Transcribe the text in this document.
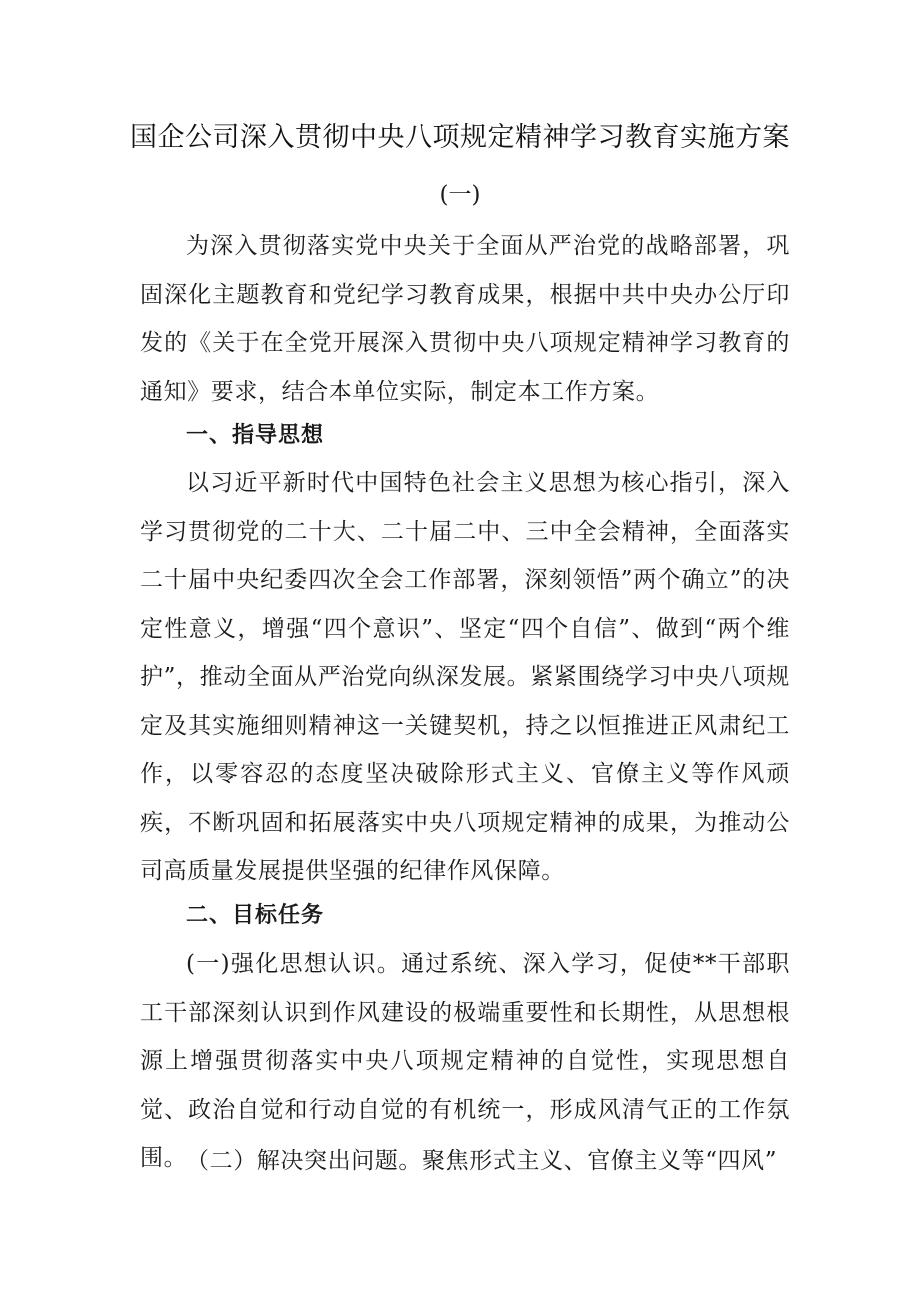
国企公司深入贯彻中央八项规定精神学习教育实施方案
(一)

为深入贯彻落实党中央关于全面从严治党的战略部署，巩固深化主题教育和党纪学习教育成果，根据中共中央办公厅印发的《关于在全党开展深入贯彻中央八项规定精神学习教育的通知》要求，结合本单位实际，制定本工作方案。

一、指导思想

以习近平新时代中国特色社会主义思想为核心指引，深入学习贯彻党的二十大、二十届二中、三中全会精神，全面落实二十届中央纪委四次全会工作部署，深刻领悟”两个确立”的决定性意义，增强“四个意识”、坚定“四个自信”、做到“两个维护”，推动全面从严治党向纵深发展。紧紧围绕学习中央八项规定及其实施细则精神这一关键契机，持之以恒推进正风肃纪工作，以零容忍的态度坚决破除形式主义、官僚主义等作风顽疾，不断巩固和拓展落实中央八项规定精神的成果，为推动公司高质量发展提供坚强的纪律作风保障。

二、目标任务

(一)强化思想认识。通过系统、深入学习，促使**干部职工干部深刻认识到作风建设的极端重要性和长期性，从思想根源上增强贯彻落实中央八项规定精神的自觉性，实现思想自觉、政治自觉和行动自觉的有机统一，形成风清气正的工作氛围。

（二）解决突出问题。聚焦形式主义、官僚主义等“四风”
